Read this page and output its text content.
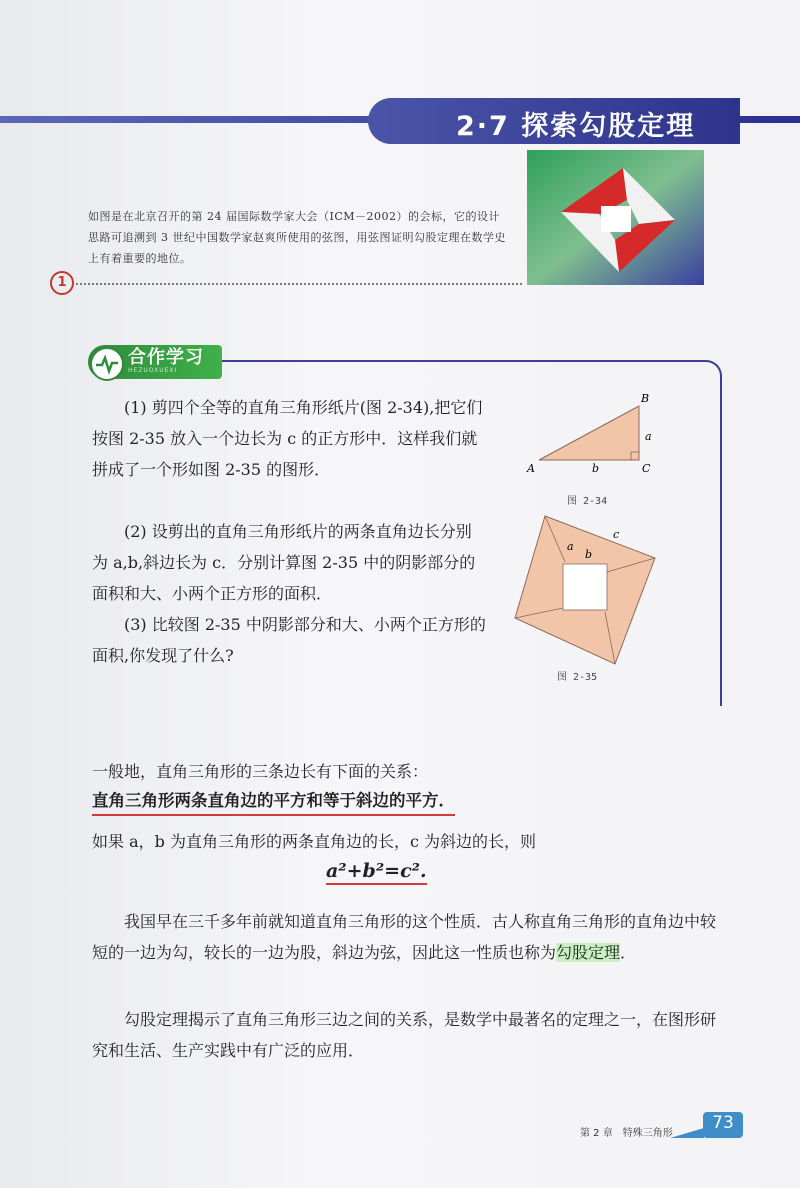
2·7 探索勾股定理
如图是在北京召开的第 24 届国际数学家大会（ICM－2002）的会标，它的设计思路可追溯到 3 世纪中国数学家赵爽所使用的弦图，用弦图证明勾股定理在数学史上有着重要的地位。
1
合作学习
HEZUOXUEXI
(1) 剪四个全等的直角三角形纸片(图 2-34),把它们按图 2-35 放入一个边长为 c 的正方形中．这样我们就拼成了一个形如图 2-35 的图形．
(2) 设剪出的直角三角形纸片的两条直角边长分别为 a,b,斜边长为 c．分别计算图 2-35 中的阴影部分的面积和大、小两个正方形的面积．
(3) 比较图 2-35 中阴影部分和大、小两个正方形的面积,你发现了什么?
B
a
A	b	C
图 2-34
a
b
c
图 2-35
一般地，直角三角形的三条边长有下面的关系：
直角三角形两条直角边的平方和等于斜边的平方．
如果 a，b 为直角三角形的两条直角边的长，c 为斜边的长，则
a²+b²=c².
我国早在三千多年前就知道直角三角形的这个性质．古人称直角三角形的直角边中较短的一边为勾，较长的一边为股，斜边为弦，因此这一性质也称为勾股定理．
勾股定理揭示了直角三角形三边之间的关系，是数学中最著名的定理之一，在图形研究和生活、生产实践中有广泛的应用．
第 2 章　特殊三角形
73
